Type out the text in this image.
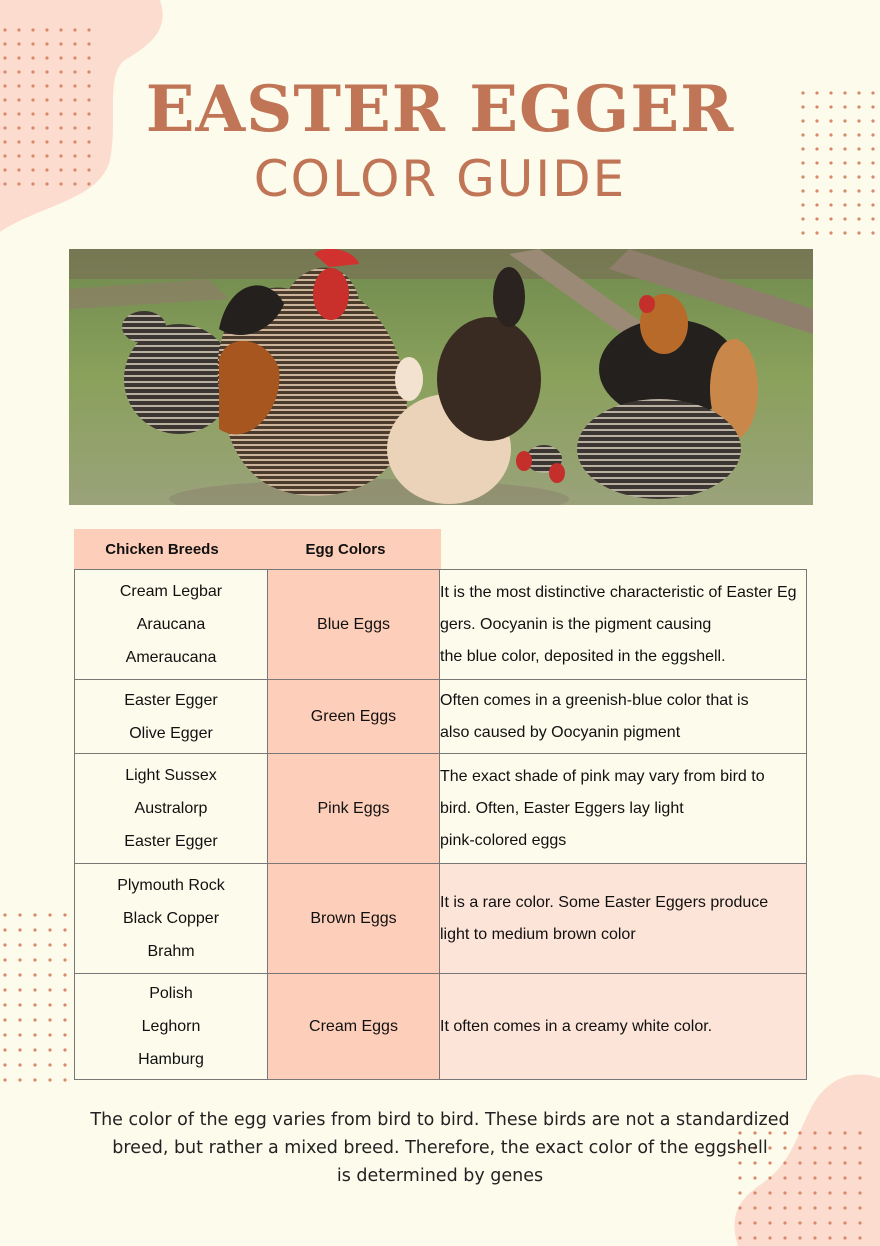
EASTER EGGER
COLOR GUIDE
Chicken Breeds	Egg Colors
Cream Legbar
Araucana
Ameraucana	Blue Eggs	It is the most distinctive characteristic of Easter Eg
gers. Oocyanin is the pigment causing
the blue color, deposited in the eggshell.

Easter Egger
Olive Egger	Green Eggs	Often comes in a greenish-blue color that is
also caused by Oocyanin pigment

Light Sussex
Australorp
Easter Egger	Pink Eggs	The exact shade of pink may vary from bird to
bird. Often, Easter Eggers lay light
pink-colored eggs

Plymouth Rock
Black Copper
Brahm	Brown Eggs	It is a rare color. Some Easter Eggers produce
light to medium brown color

Polish
Leghorn
Hamburg	Cream Eggs	It often comes in a creamy white color.
The color of the egg varies from bird to bird. These birds are not a standardized
breed, but rather a mixed breed. Therefore, the exact color of the eggshell
is determined by genes
